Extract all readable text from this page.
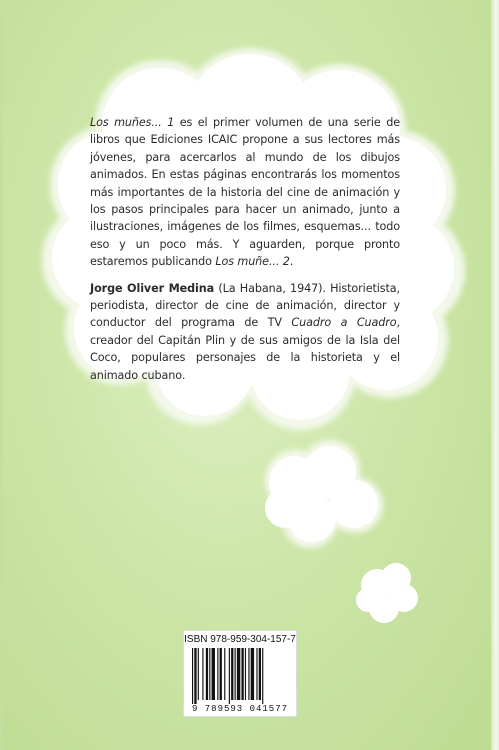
Los muñes... 1 es el primer volumen de una serie de libros que Ediciones ICAIC propone a sus lectores más jóvenes, para acercarlos al mundo de los dibujos animados. En estas páginas encontrarás los momentos más importantes de la historia del cine de animación y los pasos principales para hacer un animado, junto a ilustraciones, imágenes de los filmes, esquemas... todo eso y un poco más. Y aguarden, porque pronto estaremos publicando Los muñe... 2.

Jorge Oliver Medina (La Habana, 1947). Historietista, periodista, director de cine de animación, director y conductor del programa de TV Cuadro a Cuadro, creador del Capitán Plin y de sus amigos de la Isla del Coco, populares personajes de la historieta y el animado cubano.

ISBN 978-959-304-157-7
9 789593 041577
